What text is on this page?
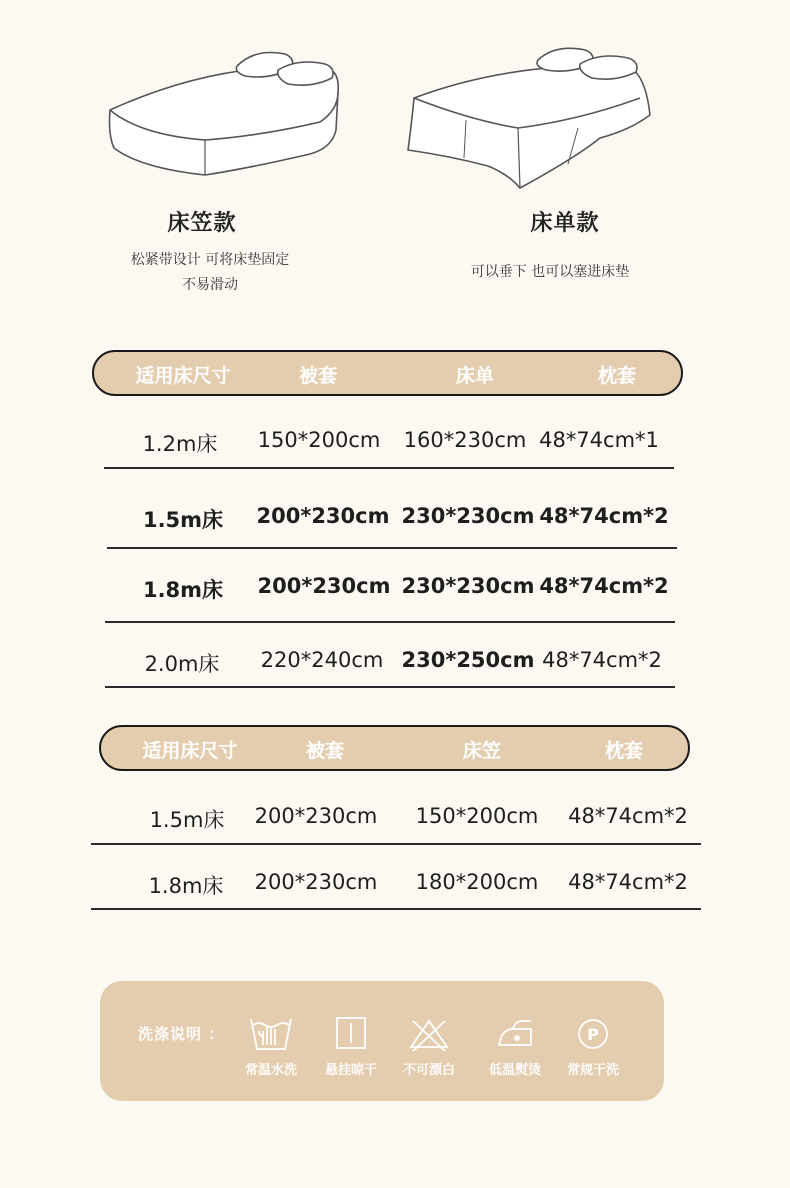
床笠款
松紧带设计 可将床垫固定
不易滑动
床单款
可以垂下 也可以塞进床垫
适用床尺寸	被套	床单	枕套
1.2m床 150*200cm 160*230cm 48*74cm*1
1.5m床 200*230cm 230*230cm 48*74cm*2
1.8m床 200*230cm 230*230cm 48*74cm*2
2.0m床 220*240cm 230*250cm 48*74cm*2
适用床尺寸	被套	床笠	枕套
1.5m床 200*230cm 150*200cm 48*74cm*2
1.8m床 200*230cm 180*200cm 48*74cm*2
洗涤说明 ：
常温水洗	悬挂晾干	不可漂白	低温熨烫
P
常规干洗
